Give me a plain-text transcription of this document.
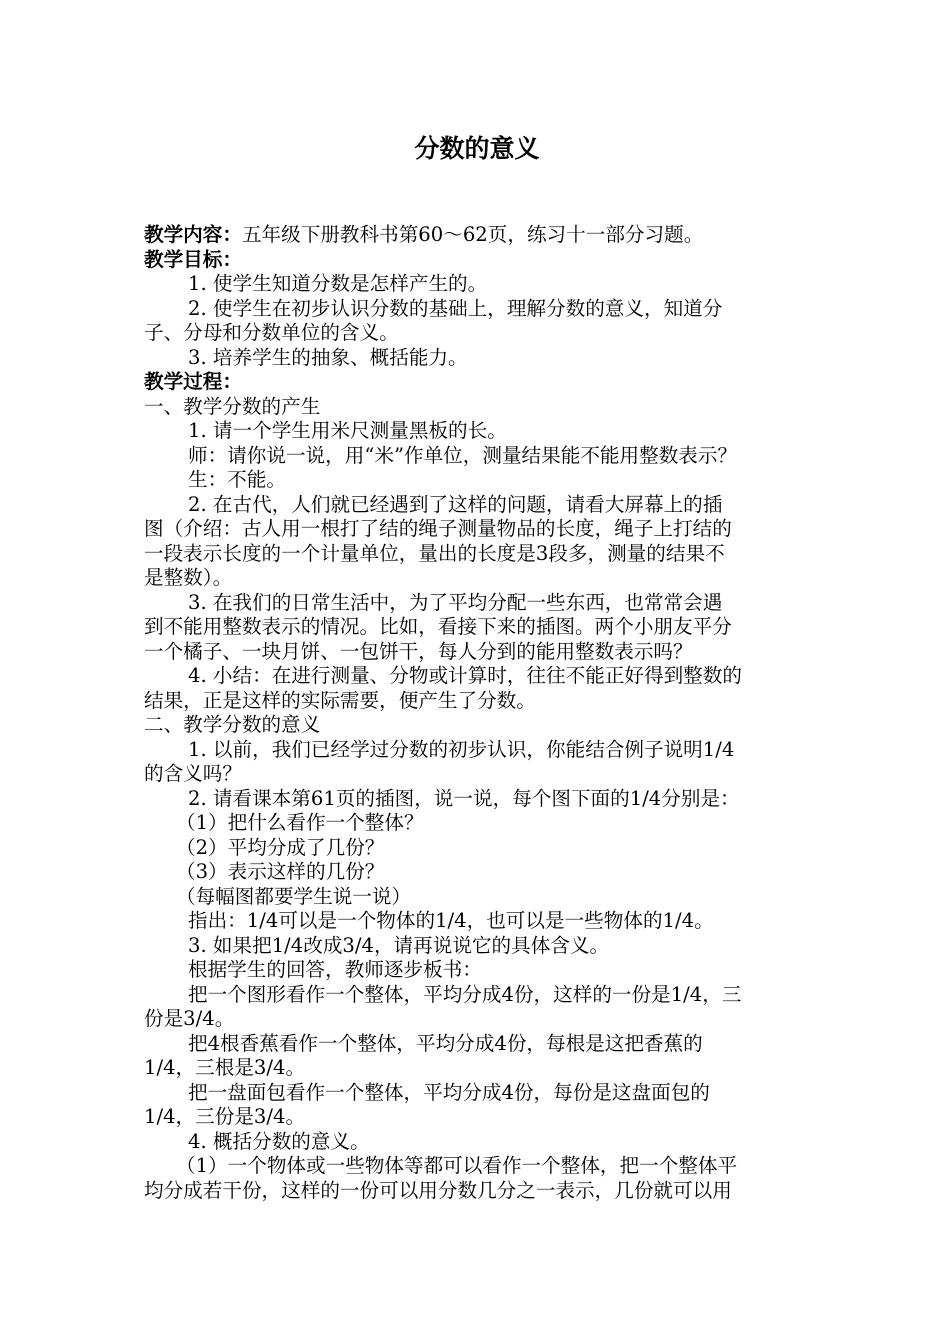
分数的意义

教学内容：五年级下册教科书第60～62页，练习十一部分习题。

教学目标：

1. 使学生知道分数是怎样产生的。

2. 使学生在初步认识分数的基础上，理解分数的意义，知道分

子、分母和分数单位的含义。

3. 培养学生的抽象、概括能力。

教学过程：

一、教学分数的产生

1. 请一个学生用米尺测量黑板的长。

师：请你说一说，用“米”作单位，测量结果能不能用整数表示？

生：不能。

2. 在古代，人们就已经遇到了这样的问题，请看大屏幕上的插

图（介绍：古人用一根打了结的绳子测量物品的长度，绳子上打结的

一段表示长度的一个计量单位，量出的长度是3段多，测量的结果不

是整数）。

3. 在我们的日常生活中，为了平均分配一些东西，也常常会遇

到不能用整数表示的情况。比如，看接下来的插图。两个小朋友平分

一个橘子、一块月饼、一包饼干，每人分到的能用整数表示吗？

4. 小结：在进行测量、分物或计算时，往往不能正好得到整数的

结果，正是这样的实际需要，便产生了分数。

二、教学分数的意义

1. 以前，我们已经学过分数的初步认识，你能结合例子说明1/4

的含义吗？

2. 请看课本第61页的插图，说一说，每个图下面的1/4分别是：

（1）把什么看作一个整体？

（2）平均分成了几份？

（3）表示这样的几份？

（每幅图都要学生说一说）

指出：1/4可以是一个物体的1/4，也可以是一些物体的1/4。

3. 如果把1/4改成3/4，请再说说它的具体含义。

根据学生的回答，教师逐步板书：

把一个图形看作一个整体，平均分成4份，这样的一份是1/4，三

份是3/4。

把4根香蕉看作一个整体，平均分成4份，每根是这把香蕉的

1/4，三根是3/4。

把一盘面包看作一个整体，平均分成4份，每份是这盘面包的

1/4，三份是3/4。

4. 概括分数的意义。

（1）一个物体或一些物体等都可以看作一个整体，把一个整体平

均分成若干份，这样的一份可以用分数几分之一表示，几份就可以用
